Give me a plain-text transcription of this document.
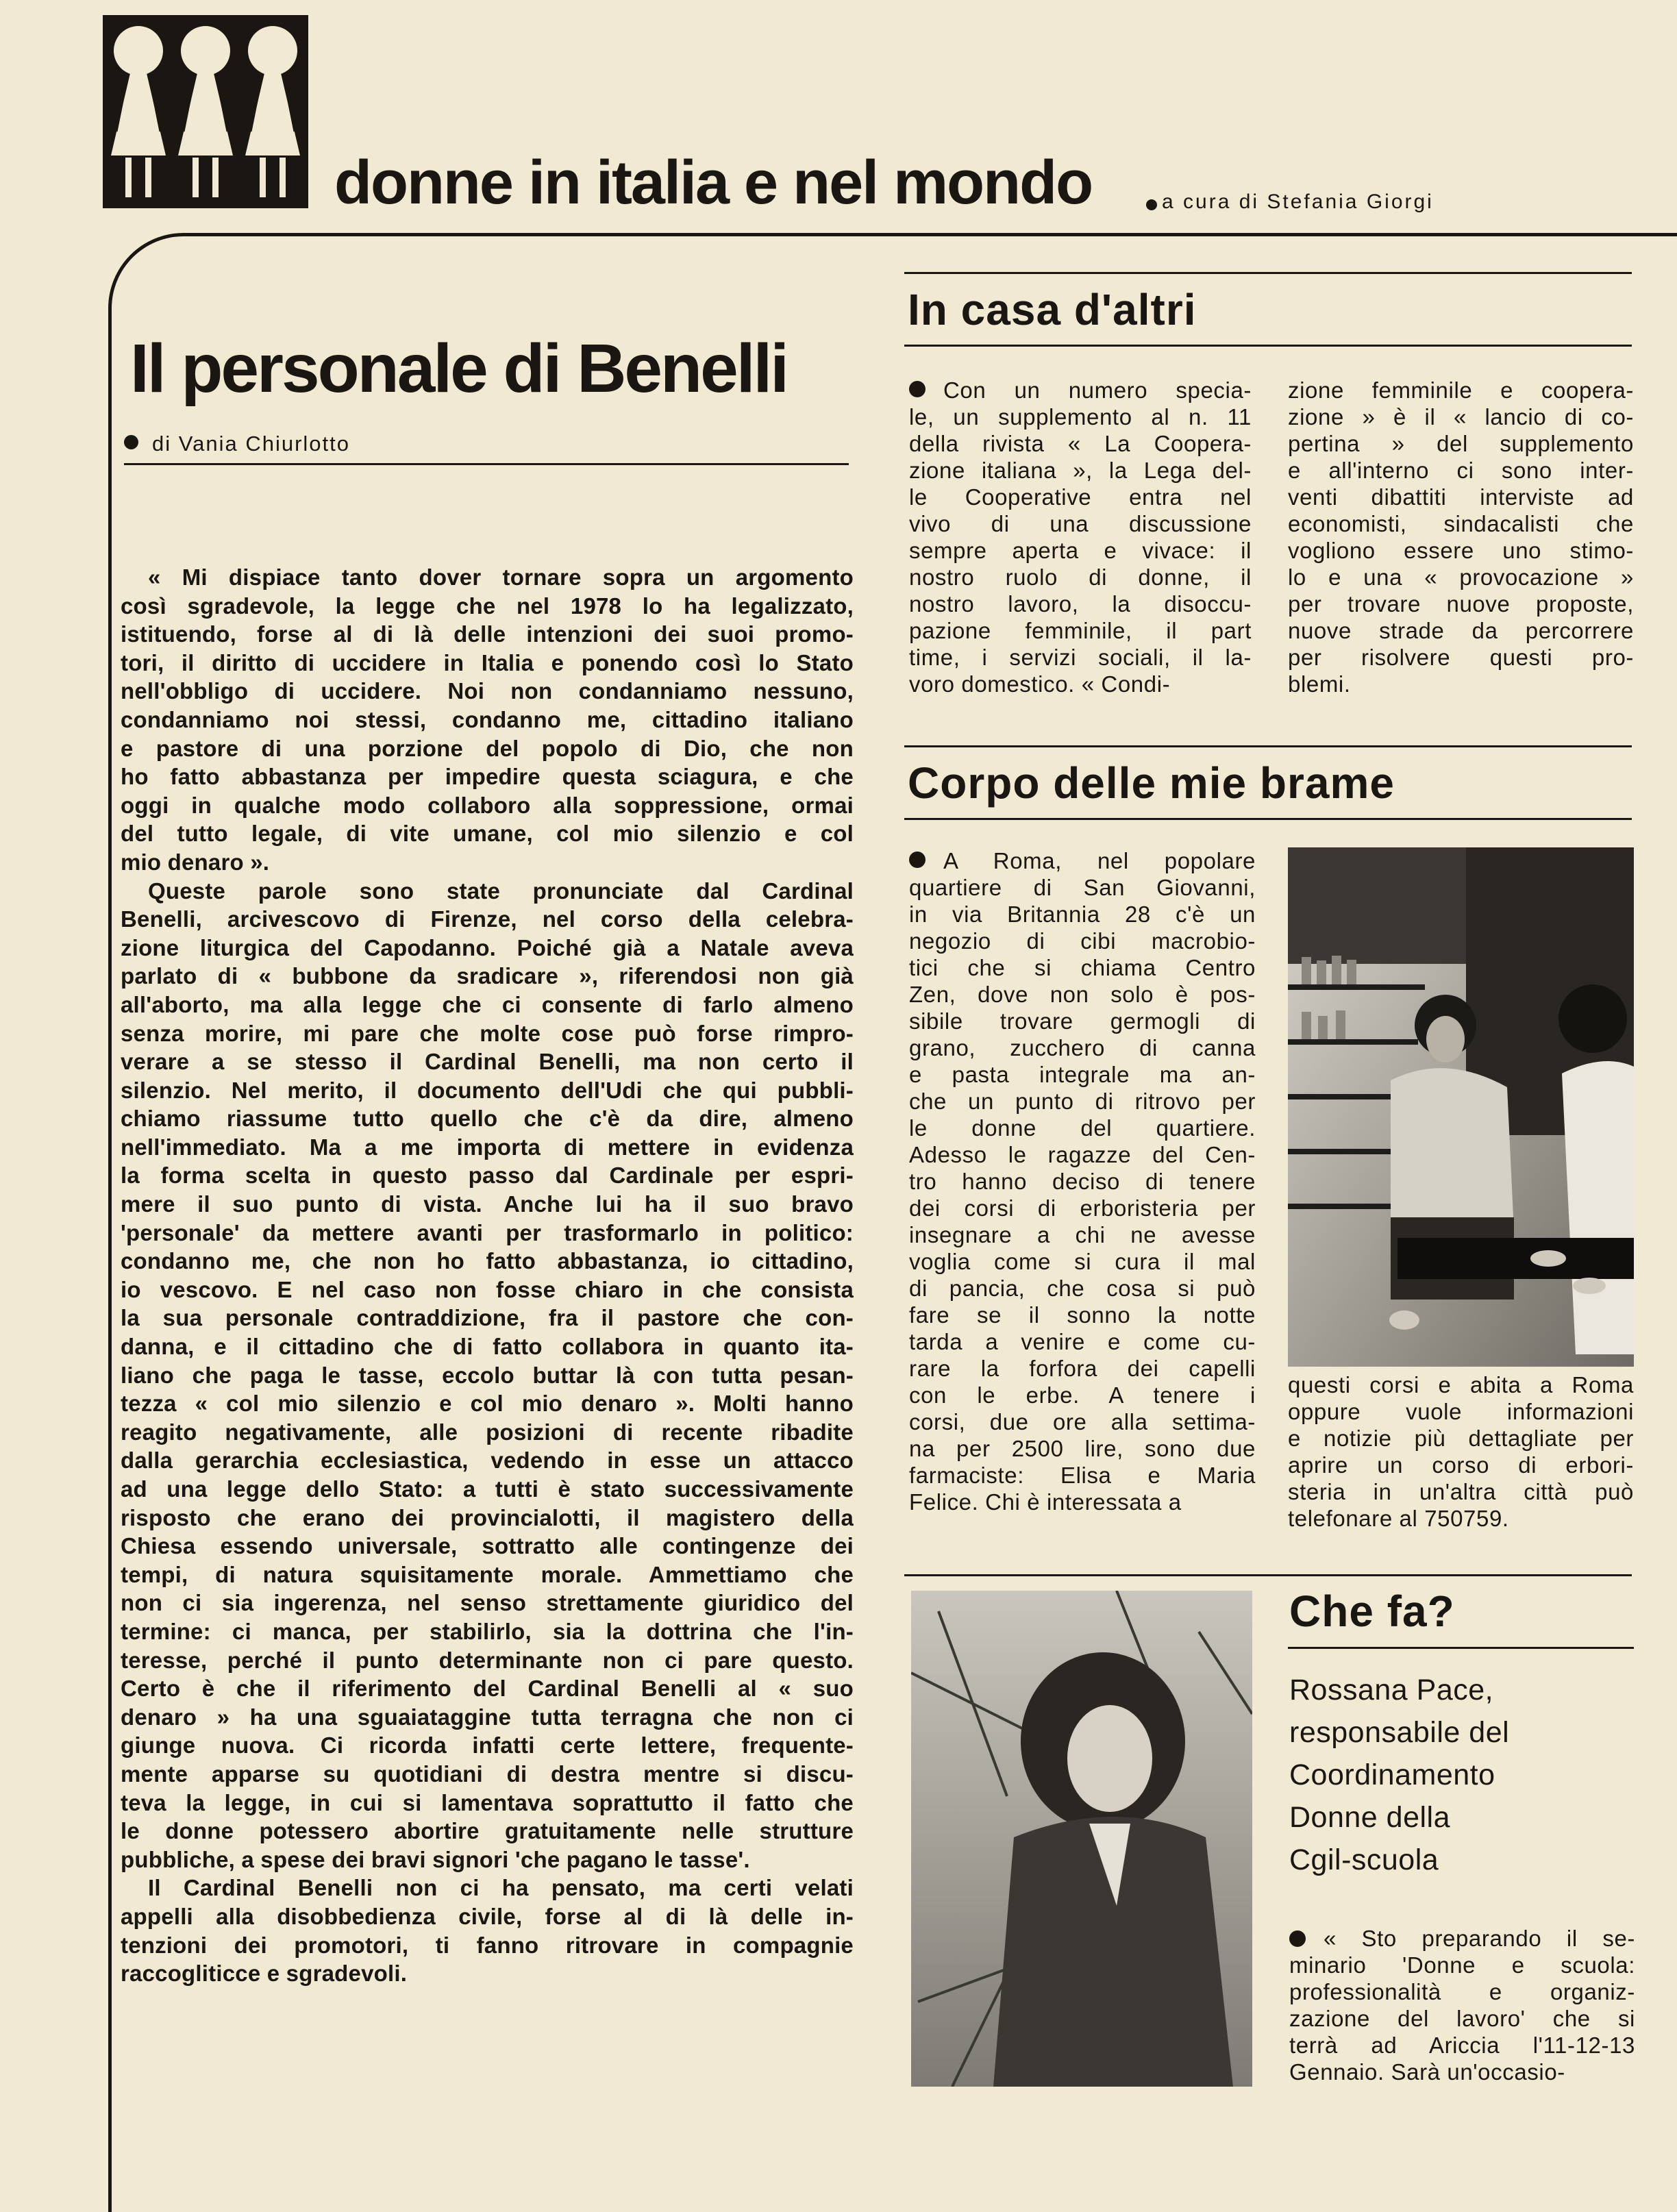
donne in italia e nel mondo	a cura di Stefania Giorgi
Il personale di Benelli
di Vania Chiurlotto
« Mi dispiace tanto dover tornare sopra un argomento
così sgradevole, la legge che nel 1978 lo ha legalizzato,
istituendo, forse al di là delle intenzioni dei suoi promo-
tori, il diritto di uccidere in Italia e ponendo così lo Stato
nell'obbligo di uccidere. Noi non condanniamo nessuno,
condanniamo noi stessi, condanno me, cittadino italiano
e pastore di una porzione del popolo di Dio, che non
ho fatto abbastanza per impedire questa sciagura, e che
oggi in qualche modo collaboro alla soppressione, ormai
del tutto legale, di vite umane, col mio silenzio e col
mio denaro ».
Queste parole sono state pronunciate dal Cardinal
Benelli, arcivescovo di Firenze, nel corso della celebra-
zione liturgica del Capodanno. Poiché già a Natale aveva
parlato di « bubbone da sradicare », riferendosi non già
all'aborto, ma alla legge che ci consente di farlo almeno
senza morire, mi pare che molte cose può forse rimpro-
verare a se stesso il Cardinal Benelli, ma non certo il
silenzio. Nel merito, il documento dell'Udi che qui pubbli-
chiamo riassume tutto quello che c'è da dire, almeno
nell'immediato. Ma a me importa di mettere in evidenza
la forma scelta in questo passo dal Cardinale per espri-
mere il suo punto di vista. Anche lui ha il suo bravo
'personale' da mettere avanti per trasformarlo in politico:
condanno me, che non ho fatto abbastanza, io cittadino,
io vescovo. E nel caso non fosse chiaro in che consista
la sua personale contraddizione, fra il pastore che con-
danna, e il cittadino che di fatto collabora in quanto ita-
liano che paga le tasse, eccolo buttar là con tutta pesan-
tezza « col mio silenzio e col mio denaro ». Molti hanno
reagito negativamente, alle posizioni di recente ribadite
dalla gerarchia ecclesiastica, vedendo in esse un attacco
ad una legge dello Stato: a tutti è stato successivamente
risposto che erano dei provincialotti, il magistero della
Chiesa essendo universale, sottratto alle contingenze dei
tempi, di natura squisitamente morale. Ammettiamo che
non ci sia ingerenza, nel senso strettamente giuridico del
termine: ci manca, per stabilirlo, sia la dottrina che l'in-
teresse, perché il punto determinante non ci pare questo.
Certo è che il riferimento del Cardinal Benelli al « suo
denaro » ha una sguaiataggine tutta terragna che non ci
giunge nuova. Ci ricorda infatti certe lettere, frequente-
mente apparse su quotidiani di destra mentre si discu-
teva la legge, in cui si lamentava soprattutto il fatto che
le donne potessero abortire gratuitamente nelle strutture
pubbliche, a spese dei bravi signori 'che pagano le tasse'.
Il Cardinal Benelli non ci ha pensato, ma certi velati
appelli alla disobbedienza civile, forse al di là delle in-
tenzioni dei promotori, ti fanno ritrovare in compagnie
raccogliticce e sgradevoli.
In casa d'altri
Con un numero specia-
le, un supplemento al n. 11
della rivista « La Coopera-
zione italiana », la Lega del-
le Cooperative entra nel
vivo di una discussione
sempre aperta e vivace: il
nostro ruolo di donne, il
nostro lavoro, la disoccu-
pazione femminile, il part
time, i servizi sociali, il la-
voro domestico. « Condi-
zione femminile e coopera-
zione » è il « lancio di co-
pertina » del supplemento
e all'interno ci sono inter-
venti dibattiti interviste ad
economisti, sindacalisti che
vogliono essere uno stimo-
lo e una « provocazione »
per trovare nuove proposte,
nuove strade da percorrere
per risolvere questi pro-
blemi.
Corpo delle mie brame
A Roma, nel popolare
quartiere di San Giovanni,
in via Britannia 28 c'è un
negozio di cibi macrobio-
tici che si chiama Centro
Zen, dove non solo è pos-
sibile trovare germogli di
grano, zucchero di canna
e pasta integrale ma an-
che un punto di ritrovo per
le donne del quartiere.
Adesso le ragazze del Cen-
tro hanno deciso di tenere
dei corsi di erboristeria per
insegnare a chi ne avesse
voglia come si cura il mal
di pancia, che cosa si può
fare se il sonno la notte
tarda a venire e come cu-
rare la forfora dei capelli
con le erbe. A tenere i
corsi, due ore alla settima-
na per 2500 lire, sono due
farmaciste: Elisa e Maria
Felice. Chi è interessata a
questi corsi e abita a Roma
oppure vuole informazioni
e notizie più dettagliate per
aprire un corso di erbori-
steria in un'altra città può
telefonare al 750759.
Che fa?
Rossana Pace,
responsabile del
Coordinamento
Donne della
Cgil-scuola
« Sto preparando il se-
minario 'Donne e scuola:
professionalità e organiz-
zazione del lavoro' che si
terrà ad Ariccia l'11-12-13
Gennaio. Sarà un'occasio-
